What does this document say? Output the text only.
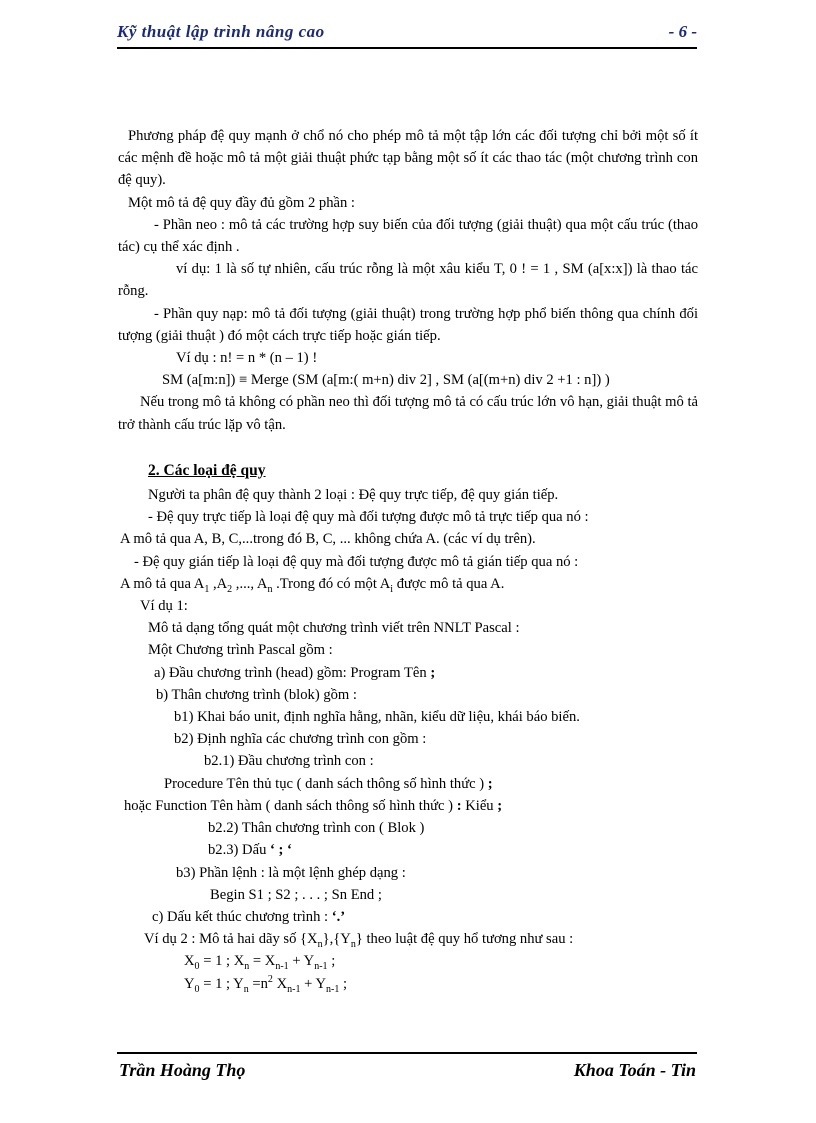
Kỹ thuật lập trình nâng cao	- 6 -

Phương pháp đệ quy mạnh ở chổ nó cho phép mô tả một tập lớn các đối tượng chỉ bởi một số ít các mệnh đề hoặc mô tả một giải thuật phức tạp bằng một số ít các thao tác (một chương trình con đệ quy).

Một mô tả đệ quy đầy đủ gồm 2 phần :

- Phần neo : mô tả các trường hợp suy biến của đối tượng (giải thuật) qua một cấu trúc (thao tác) cụ thể xác định .

ví dụ: 1 là số tự nhiên, cấu trúc rỗng là một xâu kiểu T, 0 ! = 1 , SM (a[x:x]) là thao tác rỗng.

- Phần quy nạp: mô tả đối tượng (giải thuật) trong trường hợp phổ biến thông qua chính đối tượng (giải thuật ) đó một cách trực tiếp hoặc gián tiếp.

Ví dụ : n! = n * (n – 1) !

SM (a[m:n]) ≡ Merge (SM (a[m:( m+n) div 2] , SM (a[(m+n) div 2 +1 : n]) )

Nếu trong mô tả không có phần neo thì đối tượng mô tả có cấu trúc lớn vô hạn, giải thuật mô tả trở thành cấu trúc lặp vô tận.

2. Các loại đệ quy

Người ta phân đệ quy thành 2 loại : Đệ quy trực tiếp, đệ quy gián tiếp.

- Đệ quy trực tiếp là loại đệ quy mà đối tượng được mô tả trực tiếp qua nó :

A mô tả qua A, B, C,...trong đó B, C, ... không chứa A. (các ví dụ trên).

- Đệ quy gián tiếp là loại đệ quy mà đối tượng được mô tả gián tiếp qua nó :

A mô tả qua $A_1$ $,A_2$ ,..., $A_n$ .Trong đó có một $A_i$ được mô tả qua A.

Ví dụ 1:

Mô tả dạng tổng quát một chương trình viết trên NNLT Pascal :

Một Chương trình Pascal gồm :

a) Đầu chương trình (head) gồm: Program Tên ;

b) Thân chương trình (blok) gồm :

b1) Khai báo unit, định nghĩa hằng, nhãn, kiểu dữ liệu, khái báo biến.

b2) Định nghĩa các chương trình con gồm :

b2.1) Đầu chương trình con :

Procedure Tên thủ tục ( danh sách thông số hình thức ) ;

hoặc Function Tên hàm ( danh sách thông số hình thức ) : Kiểu ;

b2.2) Thân chương trình con ( Blok )

b2.3) Dấu ‘ ; ‘

b3) Phần lệnh : là một lệnh ghép dạng :

Begin S1 ; S2 ; . . . ; Sn End ;

c) Dấu kết thúc chương trình : ‘.’

Ví dụ 2 : Mô tả hai dãy số $\{X_n\},\{Y_n\}$ theo luật đệ quy hổ tương như sau :

$X_0 = 1$ ; $X_n = X_{n-1} + Y_{n-1}$ ;

$Y_0 = 1$ ; $Y_n =n^2$ $X_{n-1} + Y_{n-1}$ ;

Trần Hoàng Thọ	Khoa Toán - Tin
